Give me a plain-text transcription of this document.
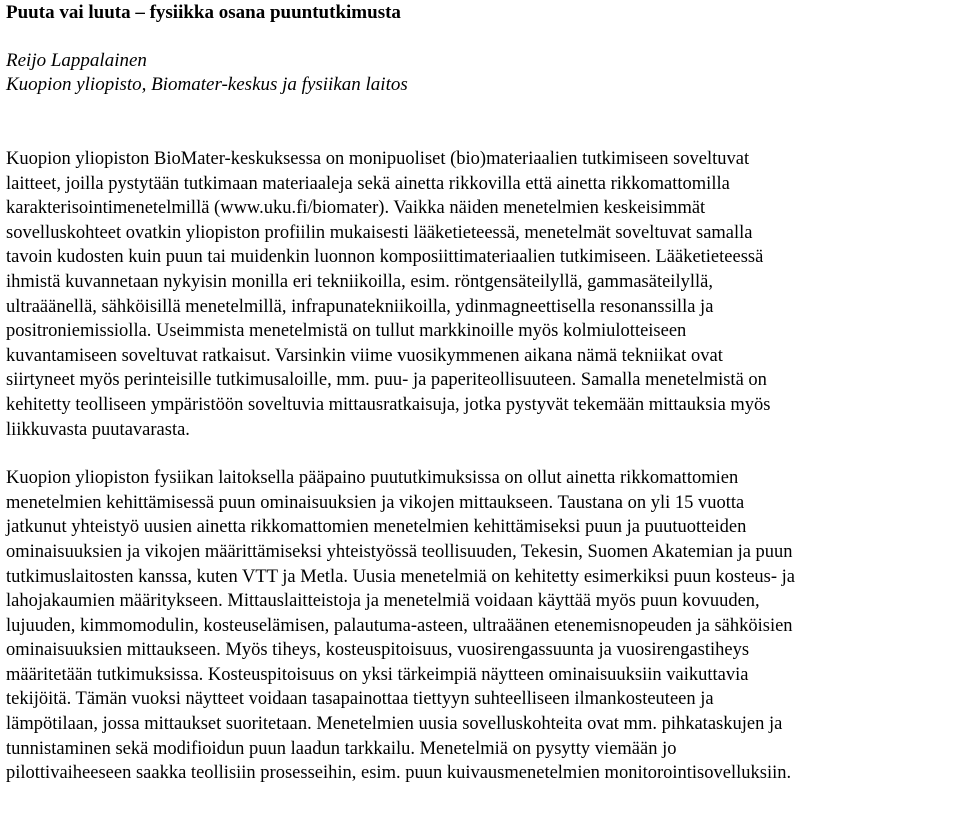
Puuta vai luuta – fysiikka osana puuntutkimusta
Reijo Lappalainen
Kuopion yliopisto, Biomater-keskus ja fysiikan laitos
Kuopion yliopiston BioMater-keskuksessa on monipuoliset (bio)materiaalien tutkimiseen soveltuvat
laitteet, joilla pystytään tutkimaan materiaaleja sekä ainetta rikkovilla että ainetta rikkomattomilla
karakterisointimenetelmillä (www.uku.fi/biomater). Vaikka näiden menetelmien keskeisimmät
sovelluskohteet ovatkin yliopiston profiilin mukaisesti lääketieteessä, menetelmät soveltuvat samalla
tavoin kudosten kuin puun tai muidenkin luonnon komposiittimateriaalien tutkimiseen. Lääketieteessä
ihmistä kuvannetaan nykyisin monilla eri tekniikoilla, esim. röntgensäteilyllä, gammasäteilyllä,
ultraäänellä, sähköisillä menetelmillä, infrapunatekniikoilla, ydinmagneettisella resonanssilla ja
positroniemissiolla. Useimmista menetelmistä on tullut markkinoille myös kolmiulotteiseen
kuvantamiseen soveltuvat ratkaisut. Varsinkin viime vuosikymmenen aikana nämä tekniikat ovat
siirtyneet myös perinteisille tutkimusaloille, mm. puu- ja paperiteollisuuteen. Samalla menetelmistä on
kehitetty teolliseen ympäristöön soveltuvia mittausratkaisuja, jotka pystyvät tekemään mittauksia myös
liikkuvasta puutavarasta.
Kuopion yliopiston fysiikan laitoksella pääpaino puututkimuksissa on ollut ainetta rikkomattomien
menetelmien kehittämisessä puun ominaisuuksien ja vikojen mittaukseen. Taustana on yli 15 vuotta
jatkunut yhteistyö uusien ainetta rikkomattomien menetelmien kehittämiseksi puun ja puutuotteiden
ominaisuuksien ja vikojen määrittämiseksi yhteistyössä teollisuuden, Tekesin, Suomen Akatemian ja puun
tutkimuslaitosten kanssa, kuten VTT ja Metla. Uusia menetelmiä on kehitetty esimerkiksi puun kosteus- ja
lahojakaumien määritykseen. Mittauslaitteistoja ja menetelmiä voidaan käyttää myös puun kovuuden,
lujuuden, kimmomodulin, kosteuselämisen, palautuma-asteen, ultraäänen etenemisnopeuden ja sähköisien
ominaisuuksien mittaukseen. Myös tiheys, kosteuspitoisuus, vuosirengassuunta ja vuosirengastiheys
määritetään tutkimuksissa. Kosteuspitoisuus on yksi tärkeimpiä näytteen ominaisuuksiin vaikuttavia
tekijöitä. Tämän vuoksi näytteet voidaan tasapainottaa tiettyyn suhteelliseen ilmankosteuteen ja
lämpötilaan, jossa mittaukset suoritetaan. Menetelmien uusia sovelluskohteita ovat mm. pihkataskujen ja
tunnistaminen sekä modifioidun puun laadun tarkkailu. Menetelmiä on pysytty viemään jo
pilottivaiheeseen saakka teollisiin prosesseihin, esim. puun kuivausmenetelmien monitorointisovelluksiin.
